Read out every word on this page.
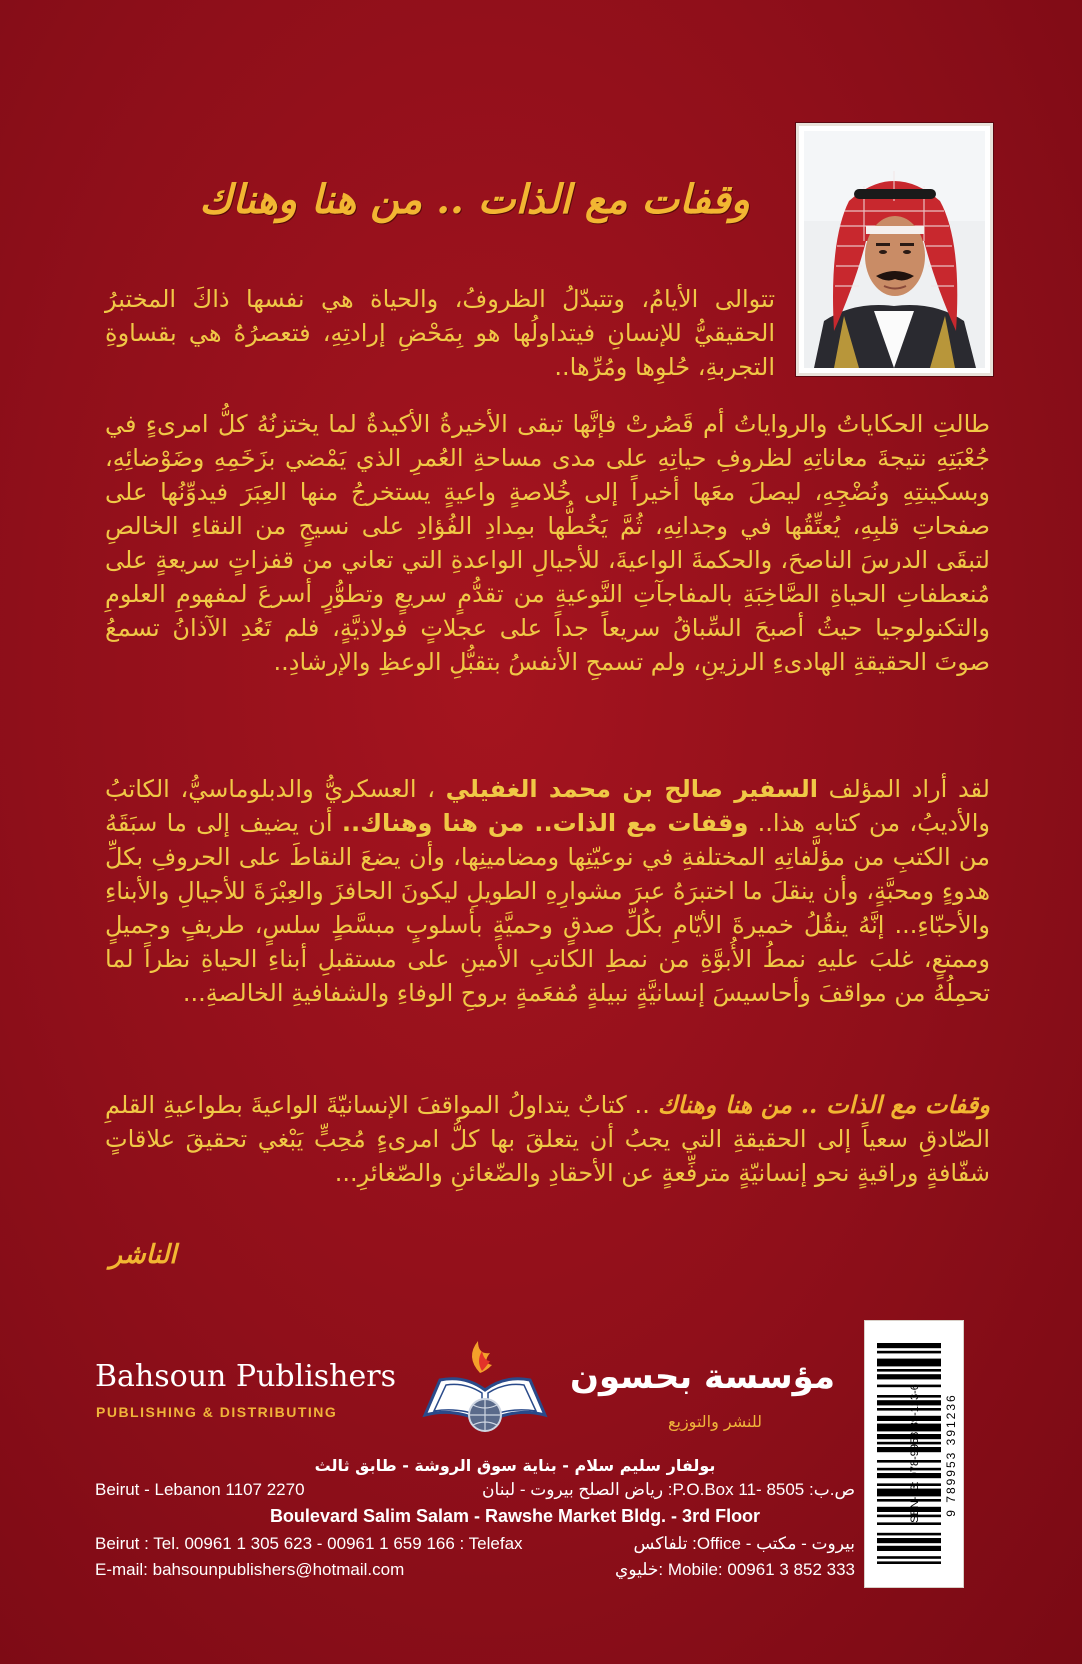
وقفات مع الذات .. من هنا وهناك

تتوالى الأيامُ، وتتبدّلُ الظروفُ، والحياة هي نفسها ذاكَ المختبرُ الحقيقيُّ للإنسانِ فيتداولُها هو بِمَحْضِ إرادتِهِ، فتعصرُهُ هي بقساوةِ التجربةِ، حُلوِها ومُرِّها..

طالتِ الحكاياتُ والرواياتُ أم قَصُرتْ فإنَّها تبقى الأخيرةُ الأكيدةُ لما يختزنُهُ كلُّ امرىءٍ في جُعْبَتِهِ نتيجةَ معاناتِهِ لظروفِ حياتِهِ على مدى مساحةِ العُمرِ الذي يَمْضي بزَخَمِهِ وضَوْضائِهِ، وبسكينتِهِ ونُضْجِهِ، ليصلَ معَها أخيراً إلى خُلاصةٍ واعيةٍ يستخرجُ منها العِبَرَ فيدوِّنُها على صفحاتِ قلبِهِ، يُعتِّقُها في وجدانِهِ، ثُمَّ يَخُطُّها بمِدادِ الفُؤادِ على نسيجٍ من النقاءِ الخالصِ لتبقَى الدرسَ الناصحَ، والحكمةَ الواعيةَ، للأجيالِ الواعدةِ التي تعاني من قفزاتٍ سريعةٍ على مُنعطفاتِ الحياةِ الصَّاخِبَةِ بالمفاجآتِ النَّوعيةِ من تقدُّمٍ سريعٍ وتطوُّرٍ أسرعَ لمفهومِ العلومِ والتكنولوجيا حيثُ أصبحَ السِّباقُ سريعاً جداً على عجلاتٍ فولاذيَّةٍ، فلم تَعُدِ الآذانُ تسمعُ صوتَ الحقيقةِ الهادىءِ الرزينِ، ولم تسمحِ الأنفسُ بتقبُّلِ الوعظِ والإرشادِ..

لقد أراد المؤلف السفير صالح بن محمد الغفيلي ، العسكريُّ والدبلوماسيُّ، الكاتبُ والأديبُ، من كتابه هذا.. وقفات مع الذات.. من هنا وهناك.. أن يضيف إلى ما سبَقَهُ من الكتبِ من مؤلَّفاتِهِ المختلفةِ في نوعيّتِها ومضامينِها، وأن يضعَ النقاطَ على الحروفِ بكلِّ هدوءٍ ومحبَّةٍ، وأن ينقلَ ما اختبرَهُ عبرَ مشوارِهِ الطويلِ ليكونَ الحافزَ والعِبْرَةَ للأجيالِ والأبناءِ والأحبّاءِ... إنَّهُ ينقُلُ خميرةَ الأيّامِ بكُلِّ صدقٍ وحميَّةٍ بأسلوبٍ مبسَّطٍ سلسٍ، طريفٍ وجميلٍ وممتعٍ، غلبَ عليهِ نمطُ الأُبوَّةِ من نمطِ الكاتبِ الأمينِ على مستقبلِ أبناءِ الحياةِ نظراً لما تحمِلُهُ من مواقفَ وأحاسيسَ إنسانيَّةٍ نبيلةٍ مُفعَمةٍ بروحِ الوفاءِ والشفافيةِ الخالصةِ...

وقفات مع الذات .. من هنا وهناك .. كتابٌ يتداولُ المواقفَ الإنسانيّةَ الواعيةَ بطواعيةِ القلمِ الصّادقِ سعياً إلى الحقيقةِ التي يجبُ أن يتعلقَ بها كلُّ امرىءٍ مُحِبٍّ يَبْغي تحقيقَ علاقاتٍ شفّافةٍ وراقيةٍ نحو إنسانيّةٍ مترفِّعةٍ عن الأحقادِ والضّغائنِ والصّغائرِ...

الناشر
Bahsoun Publishers
PUBLISHING & DISTRIBUTING
مؤسسة بحسون
للنشر والتوزيع
بولفار سليم سلام - بناية سوق الروشة - طابق ثالث
Beirut - Lebanon 1107 2270	ص.ب: 8505 -11 P.O.Box: رياض الصلح بيروت - لبنان
Boulevard Salim Salam - Rawshe Market Bldg. - 3rd Floor
Beirut : Tel. 00961 1 305 623 - 00961 1 659 166 : Telefax	بيروت - مكتب - Office: تلفاكس
E-mail: bahsounpublishers@hotmail.com	Mobile: 00961 3 852 333 :خليوي
ISBN-13: 978-9953-39-123-6 9 789953 391236
